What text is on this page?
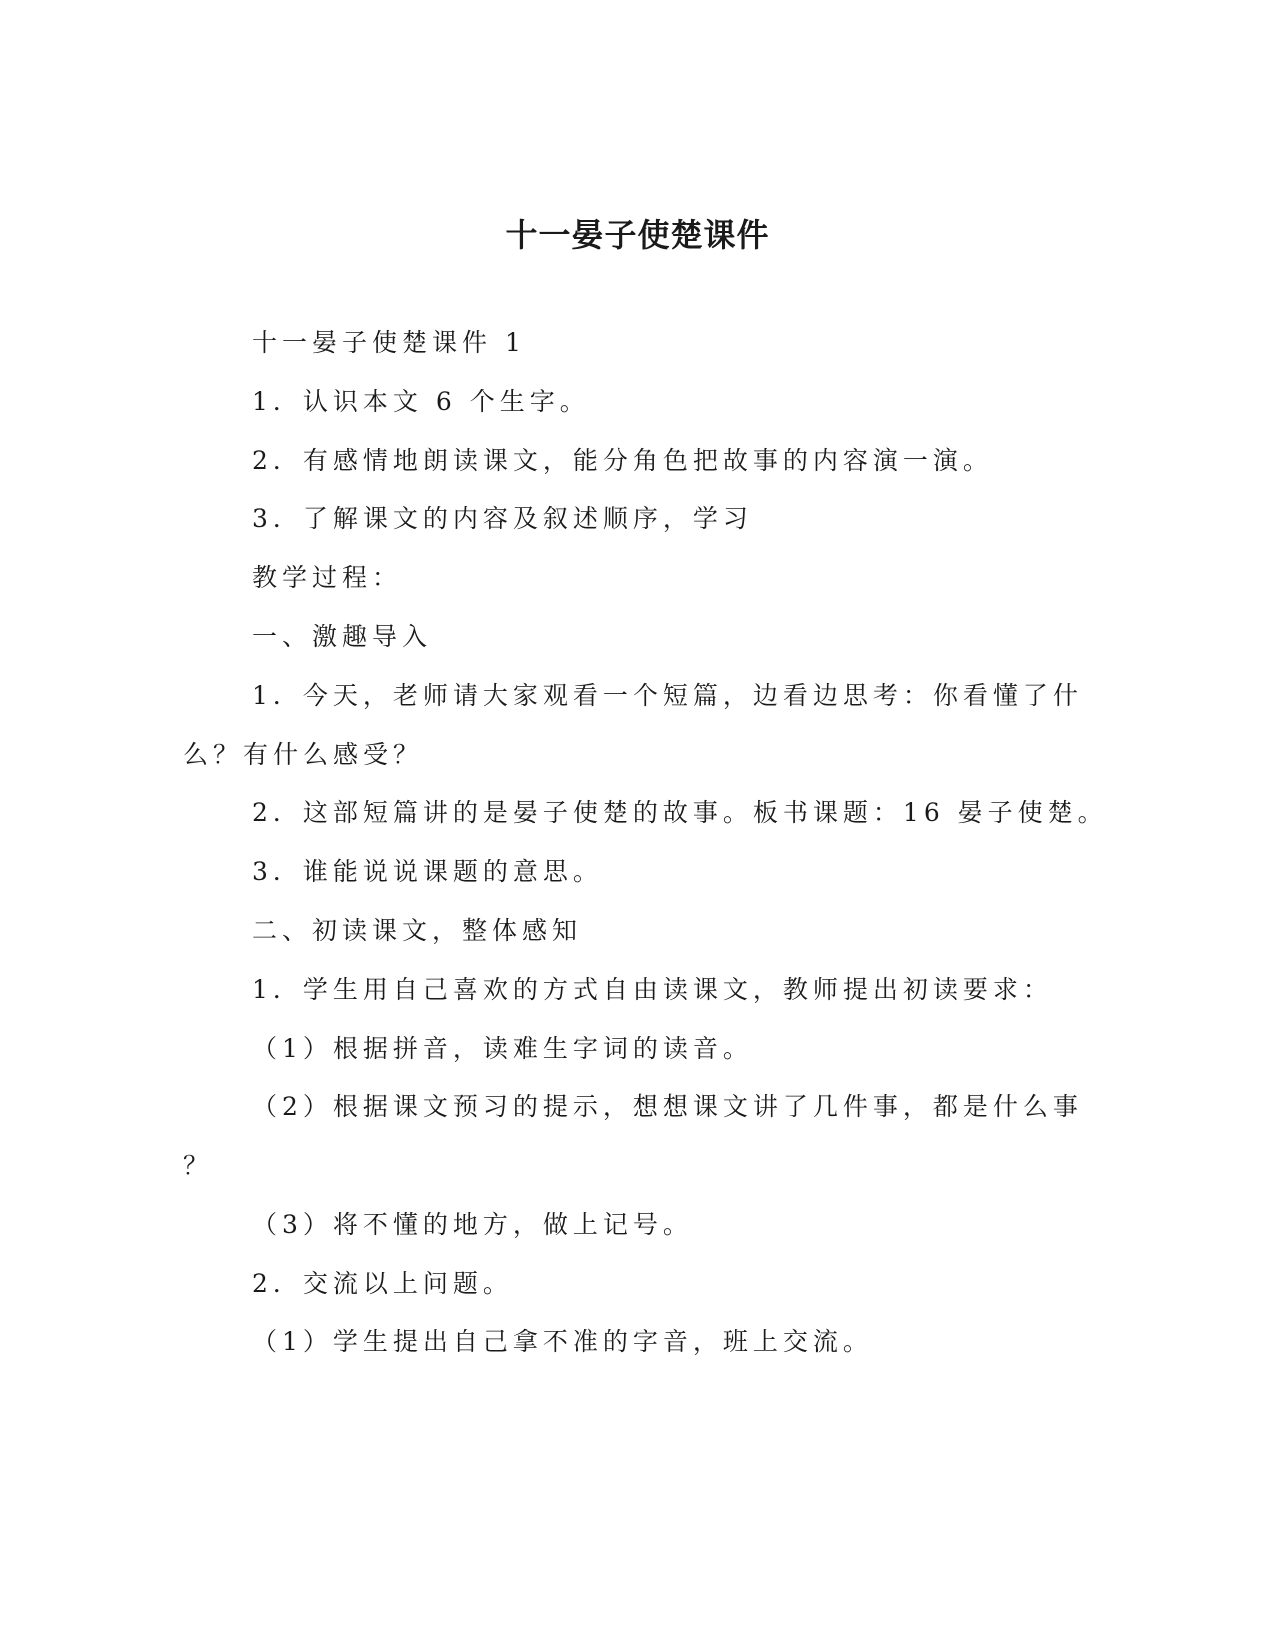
十一晏子使楚课件
十一晏子使楚课件 1
1．认识本文 6 个生字。
2．有感情地朗读课文，能分角色把故事的内容演一演。
3．了解课文的内容及叙述顺序，学习
教学过程：
一、激趣导入
1．今天，老师请大家观看一个短篇，边看边思考：你看懂了什
么？有什么感受？
2．这部短篇讲的是晏子使楚的故事。板书课题：16 晏子使楚。
3．谁能说说课题的意思。
二、初读课文，整体感知
1．学生用自己喜欢的方式自由读课文，教师提出初读要求：
（1）根据拼音，读难生字词的读音。
（2）根据课文预习的提示，想想课文讲了几件事，都是什么事
？
（3）将不懂的地方，做上记号。
2．交流以上问题。
（1）学生提出自己拿不准的字音，班上交流。
